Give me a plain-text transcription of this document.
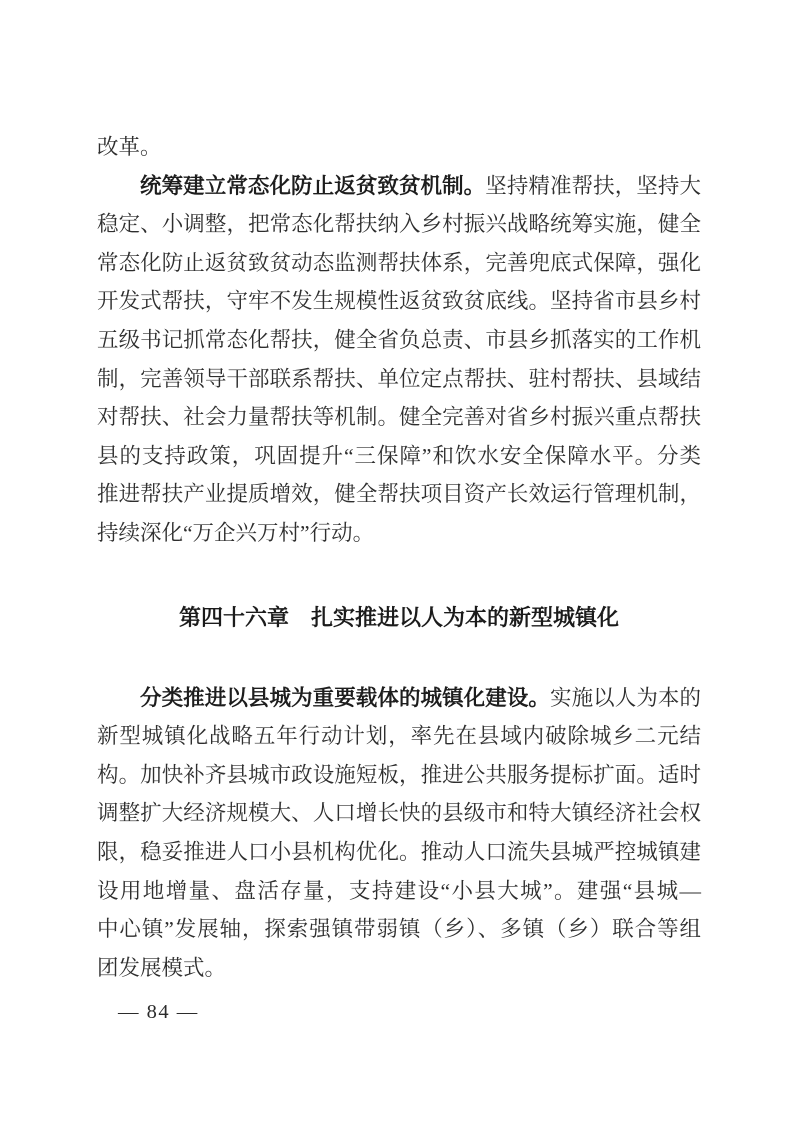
改革。
统筹建立常态化防止返贫致贫机制。坚持精准帮扶，坚持大
稳定、小调整，把常态化帮扶纳入乡村振兴战略统筹实施，健全
常态化防止返贫致贫动态监测帮扶体系，完善兜底式保障，强化
开发式帮扶，守牢不发生规模性返贫致贫底线。坚持省市县乡村
五级书记抓常态化帮扶，健全省负总责、市县乡抓落实的工作机
制，完善领导干部联系帮扶、单位定点帮扶、驻村帮扶、县域结
对帮扶、社会力量帮扶等机制。健全完善对省乡村振兴重点帮扶
县的支持政策，巩固提升“三保障”和饮水安全保障水平。分类
推进帮扶产业提质增效，健全帮扶项目资产长效运行管理机制，
持续深化“万企兴万村”行动。
第四十六章　扎实推进以人为本的新型城镇化
分类推进以县城为重要载体的城镇化建设。实施以人为本的
新型城镇化战略五年行动计划，率先在县域内破除城乡二元结
构。加快补齐县城市政设施短板，推进公共服务提标扩面。适时
调整扩大经济规模大、人口增长快的县级市和特大镇经济社会权
限，稳妥推进人口小县机构优化。推动人口流失县城严控城镇建
设用地增量、盘活存量，支持建设“小县大城”。建强“县城—
中心镇”发展轴，探索强镇带弱镇（乡）、多镇（乡）联合等组
团发展模式。
— 84 —
